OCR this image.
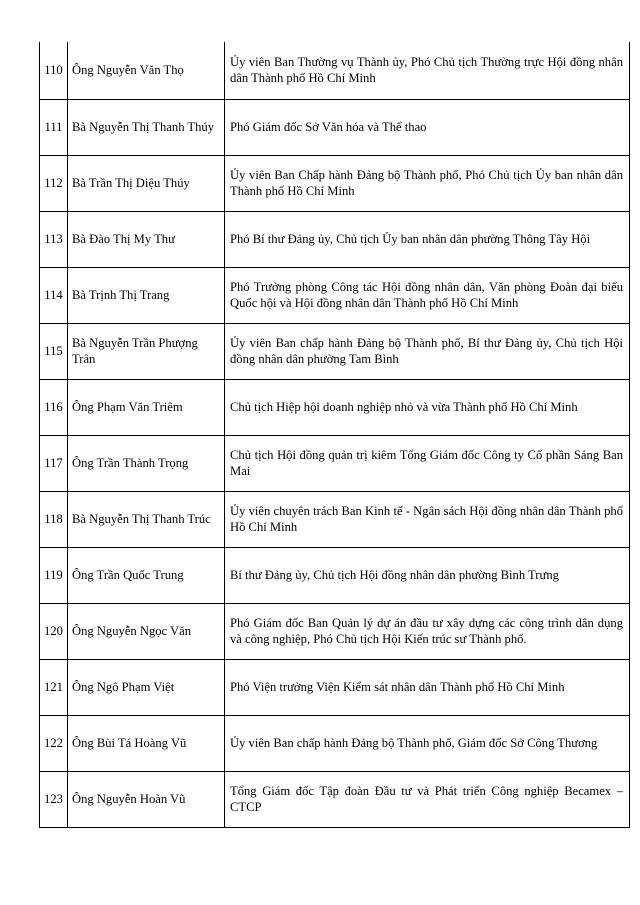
110	Ông Nguyễn Văn Thọ	Ủy viên Ban Thường vụ Thành ủy, Phó Chủ tịch Thường trực Hội đồng nhân dân Thành phố Hồ Chí Minh

111	Bà Nguyễn Thị Thanh Thúy	Phó Giám đốc Sở Văn hóa và Thể thao

112	Bà Trần Thị Diệu Thúy	Ủy viên Ban Chấp hành Đảng bộ Thành phố, Phó Chủ tịch Ủy ban nhân dân Thành phố Hồ Chí Minh

113	Bà Đào Thị My Thư	Phó Bí thư Đảng ủy, Chủ tịch Ủy ban nhân dân phường Thông Tây Hội

114	Bà Trịnh Thị Trang	Phó Trưởng phòng Công tác Hội đồng nhân dân, Văn phòng Đoàn đại biểu Quốc hội và Hội đồng nhân dân Thành phố Hồ Chí Minh

115	Bà Nguyễn Trần Phượng Trân	Ủy viên Ban chấp hành Đảng bộ Thành phố, Bí thư Đảng ủy, Chủ tịch Hội đồng nhân dân phường Tam Bình

116	Ông Phạm Văn Triêm	Chủ tịch Hiệp hội doanh nghiệp nhỏ và vừa Thành phố Hồ Chí Minh

117	Ông Trần Thành Trọng	Chủ tịch Hội đồng quản trị kiêm Tổng Giám đốc Công ty Cổ phần Sáng Ban Mai

118	Bà Nguyễn Thị Thanh Trúc	Ủy viên chuyên trách Ban Kinh tế - Ngân sách Hội đồng nhân dân Thành phố Hồ Chí Minh

119	Ông Trần Quốc Trung	Bí thư Đảng ủy, Chủ tịch Hội đồng nhân dân phường Bình Trưng

120	Ông Nguyễn Ngọc Văn	Phó Giám đốc Ban Quản lý dự án đầu tư xây dựng các công trình dân dụng và công nghiệp, Phó Chủ tịch Hội Kiến trúc sư Thành phố.

121	Ông Ngô Phạm Việt	Phó Viện trưởng Viện Kiểm sát nhân dân Thành phố Hồ Chí Minh

122	Ông Bùi Tá Hoàng Vũ	Ủy viên Ban chấp hành Đảng bộ Thành phố, Giám đốc Sở Công Thương

123	Ông Nguyễn Hoàn Vũ	Tổng Giám đốc Tập đoàn Đầu tư và Phát triển Công nghiệp Becamex – CTCP
